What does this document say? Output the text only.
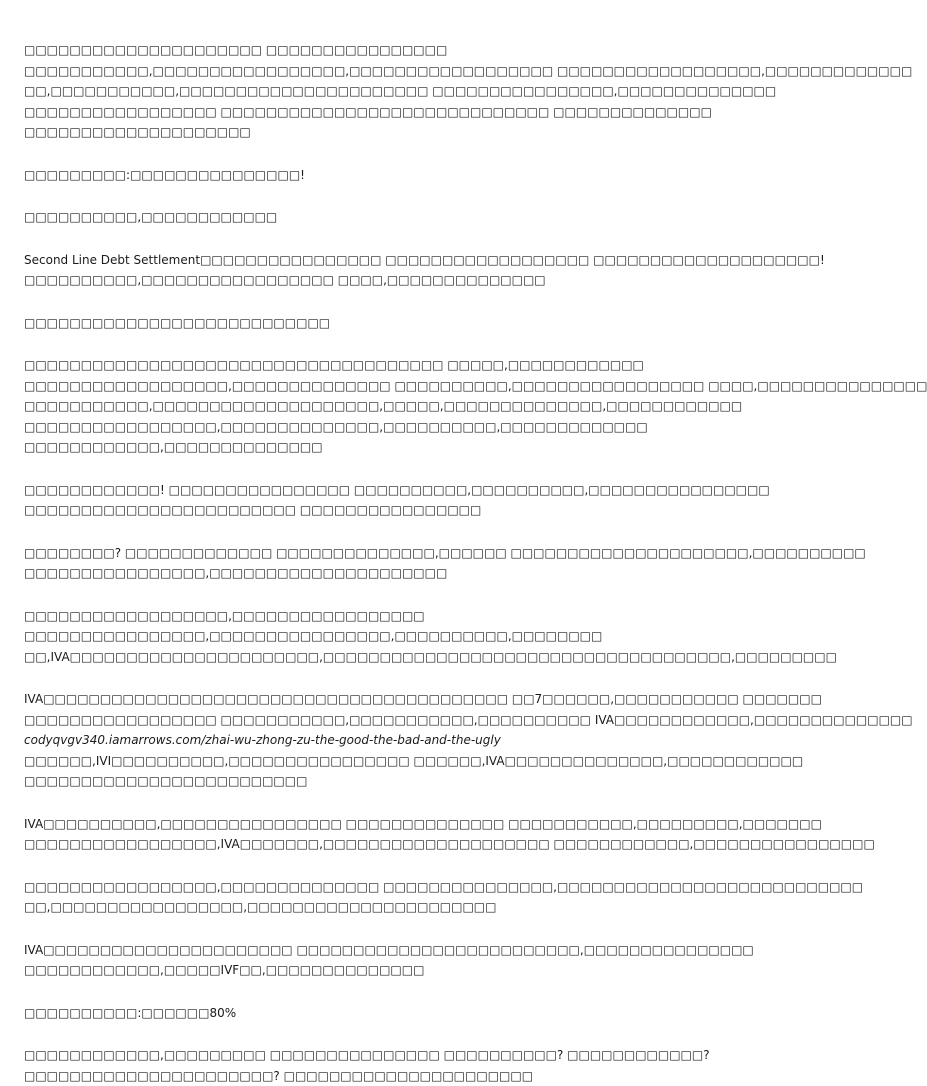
□□□□□□□□□□□□□□□□□□□□□ □□□□□□□□□□□□□□□□
□□□□□□□□□□□,□□□□□□□□□□□□□□□□□,□□□□□□□□□□□□□□□□□□ □□□□□□□□□□□□□□□□□□,□□□□□□□□□□□□□
□□,□□□□□□□□□□□,□□□□□□□□□□□□□□□□□□□□□□ □□□□□□□□□□□□□□□□,□□□□□□□□□□□□□□
□□□□□□□□□□□□□□□□□ □□□□□□□□□□□□□□□□□□□□□□□□□□□□□ □□□□□□□□□□□□□□
□□□□□□□□□□□□□□□□□□□□
□□□□□□□□□:□□□□□□□□□□□□□□□!
□□□□□□□□□□,□□□□□□□□□□□□
Second Line Debt Settlement□□□□□□□□□□□□□□□□ □□□□□□□□□□□□□□□□□□ □□□□□□□□□□□□□□□□□□□□!
□□□□□□□□□□,□□□□□□□□□□□□□□□□□ □□□□,□□□□□□□□□□□□□□
□□□□□□□□□□□□□□□□□□□□□□□□□□□
□□□□□□□□□□□□□□□□□□□□□□□□□□□□□□□□□□□□□ □□□□□,□□□□□□□□□□□□
□□□□□□□□□□□□□□□□□□,□□□□□□□□□□□□□□ □□□□□□□□□□,□□□□□□□□□□□□□□□□□ □□□□,□□□□□□□□□□□□□□□
□□□□□□□□□□□,□□□□□□□□□□□□□□□□□□□□,□□□□□,□□□□□□□□□□□□□□,□□□□□□□□□□□□
□□□□□□□□□□□□□□□□□,□□□□□□□□□□□□□□,□□□□□□□□□□,□□□□□□□□□□□□□
□□□□□□□□□□□□,□□□□□□□□□□□□□□
□□□□□□□□□□□□! □□□□□□□□□□□□□□□□ □□□□□□□□□□,□□□□□□□□□□,□□□□□□□□□□□□□□□□
□□□□□□□□□□□□□□□□□□□□□□□□ □□□□□□□□□□□□□□□□
□□□□□□□□? □□□□□□□□□□□□□ □□□□□□□□□□□□□□,□□□□□□ □□□□□□□□□□□□□□□□□□□□□,□□□□□□□□□□
□□□□□□□□□□□□□□□□,□□□□□□□□□□□□□□□□□□□□□
□□□□□□□□□□□□□□□□□□,□□□□□□□□□□□□□□□□□
□□□□□□□□□□□□□□□□,□□□□□□□□□□□□□□□□,□□□□□□□□□□,□□□□□□□□
□□,IVA□□□□□□□□□□□□□□□□□□□□□□,□□□□□□□□□□□□□□□□□□□□□□□□□□□□□□□□□□□□,□□□□□□□□□
IVA□□□□□□□□□□□□□□□□□□□□□□□□□□□□□□□□□□□□□□□□□ □□7□□□□□□,□□□□□□□□□□□ □□□□□□□
□□□□□□□□□□□□□□□□□ □□□□□□□□□□□,□□□□□□□□□□□,□□□□□□□□□□ IVA□□□□□□□□□□□□,□□□□□□□□□□□□□□
codyqvgv340.iamarrows.com/zhai-wu-zhong-zu-the-good-the-bad-and-the-ugly
□□□□□□,IVI□□□□□□□□□□,□□□□□□□□□□□□□□□□ □□□□□□,IVA□□□□□□□□□□□□□□,□□□□□□□□□□□□
□□□□□□□□□□□□□□□□□□□□□□□□□
IVA□□□□□□□□□□,□□□□□□□□□□□□□□□□ □□□□□□□□□□□□□□ □□□□□□□□□□□,□□□□□□□□□,□□□□□□□
□□□□□□□□□□□□□□□□□,IVA□□□□□□□,□□□□□□□□□□□□□□□□□□□□ □□□□□□□□□□□□,□□□□□□□□□□□□□□□□
□□□□□□□□□□□□□□□□□,□□□□□□□□□□□□□□ □□□□□□□□□□□□□□□,□□□□□□□□□□□□□□□□□□□□□□□□□□□
□□,□□□□□□□□□□□□□□□□□,□□□□□□□□□□□□□□□□□□□□□□
IVA□□□□□□□□□□□□□□□□□□□□□□ □□□□□□□□□□□□□□□□□□□□□□□□□,□□□□□□□□□□□□□□□
□□□□□□□□□□□□,□□□□□IVF□□,□□□□□□□□□□□□□□
□□□□□□□□□□:□□□□□□80%
□□□□□□□□□□□□,□□□□□□□□□ □□□□□□□□□□□□□□□ □□□□□□□□□□? □□□□□□□□□□□□?
□□□□□□□□□□□□□□□□□□□□□□? □□□□□□□□□□□□□□□□□□□□□□
